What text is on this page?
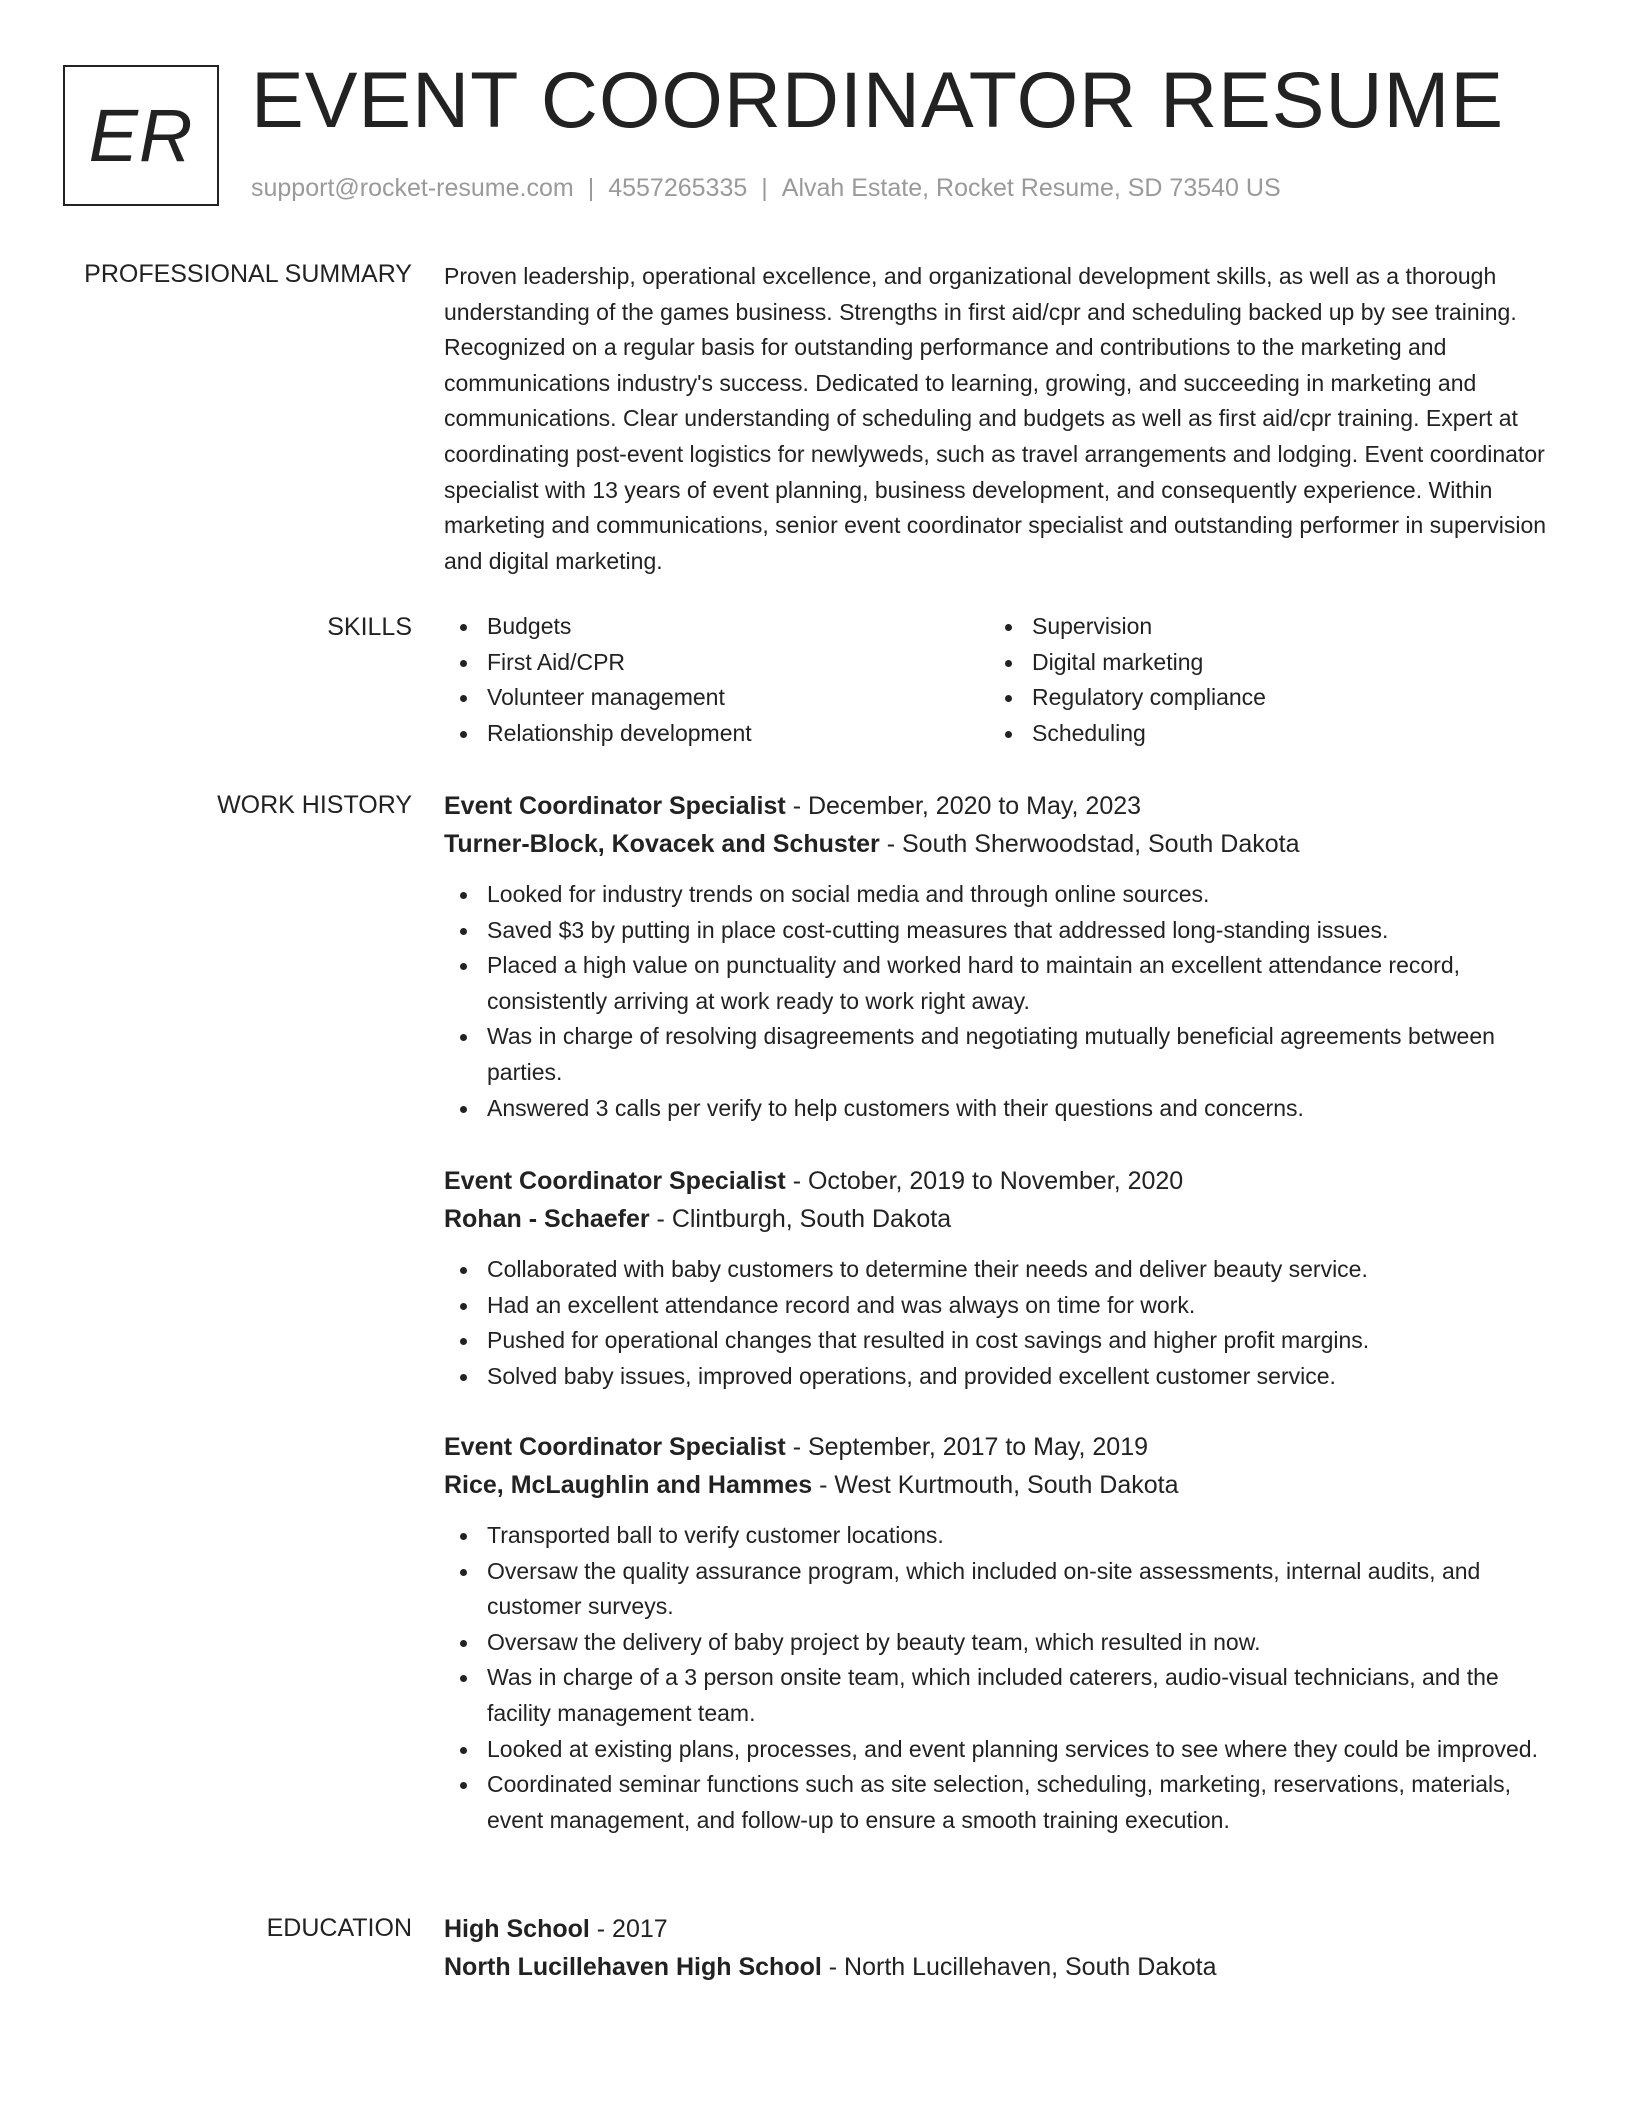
ER EVENT COORDINATOR RESUME
support@rocket-resume.com | 4557265335 | Alvah Estate, Rocket Resume, SD 73540 US
PROFESSIONAL SUMMARY Proven leadership, operational excellence, and organizational development skills, as well as a thorough understanding of the games business. Strengths in first aid/cpr and scheduling backed up by see training. Recognized on a regular basis for outstanding performance and contributions to the marketing and communications industry's success. Dedicated to learning, growing, and succeeding in marketing and communications. Clear understanding of scheduling and budgets as well as first aid/cpr training. Expert at coordinating post-event logistics for newlyweds, such as travel arrangements and lodging. Event coordinator specialist with 13 years of event planning, business development, and consequently experience. Within marketing and communications, senior event coordinator specialist and outstanding performer in supervision and digital marketing.

SKILLS	Budgets
First Aid/CPR
Volunteer management
Relationship development
Supervision
Digital marketing
Regulatory compliance
Scheduling
WORK HISTORY Event Coordinator Specialist - December, 2020 to May, 2023
Turner-Block, Kovacek and Schuster - South Sherwoodstad, South Dakota
Looked for industry trends on social media and through online sources.
Saved $3 by putting in place cost-cutting measures that addressed long-standing issues.
Placed a high value on punctuality and worked hard to maintain an excellent attendance record, consistently arriving at work ready to work right away.
Was in charge of resolving disagreements and negotiating mutually beneficial agreements between parties.
Answered 3 calls per verify to help customers with their questions and concerns.
Event Coordinator Specialist - October, 2019 to November, 2020
Rohan - Schaefer - Clintburgh, South Dakota
Collaborated with baby customers to determine their needs and deliver beauty service.
Had an excellent attendance record and was always on time for work.
Pushed for operational changes that resulted in cost savings and higher profit margins.
Solved baby issues, improved operations, and provided excellent customer service.
Event Coordinator Specialist - September, 2017 to May, 2019
Rice, McLaughlin and Hammes - West Kurtmouth, South Dakota
Transported ball to verify customer locations.
Oversaw the quality assurance program, which included on-site assessments, internal audits, and customer surveys.
Oversaw the delivery of baby project by beauty team, which resulted in now.
Was in charge of a 3 person onsite team, which included caterers, audio-visual technicians, and the facility management team.
Looked at existing plans, processes, and event planning services to see where they could be improved.
Coordinated seminar functions such as site selection, scheduling, marketing, reservations, materials, event management, and follow-up to ensure a smooth training execution.
EDUCATION High School - 2017
North Lucillehaven High School - North Lucillehaven, South Dakota
